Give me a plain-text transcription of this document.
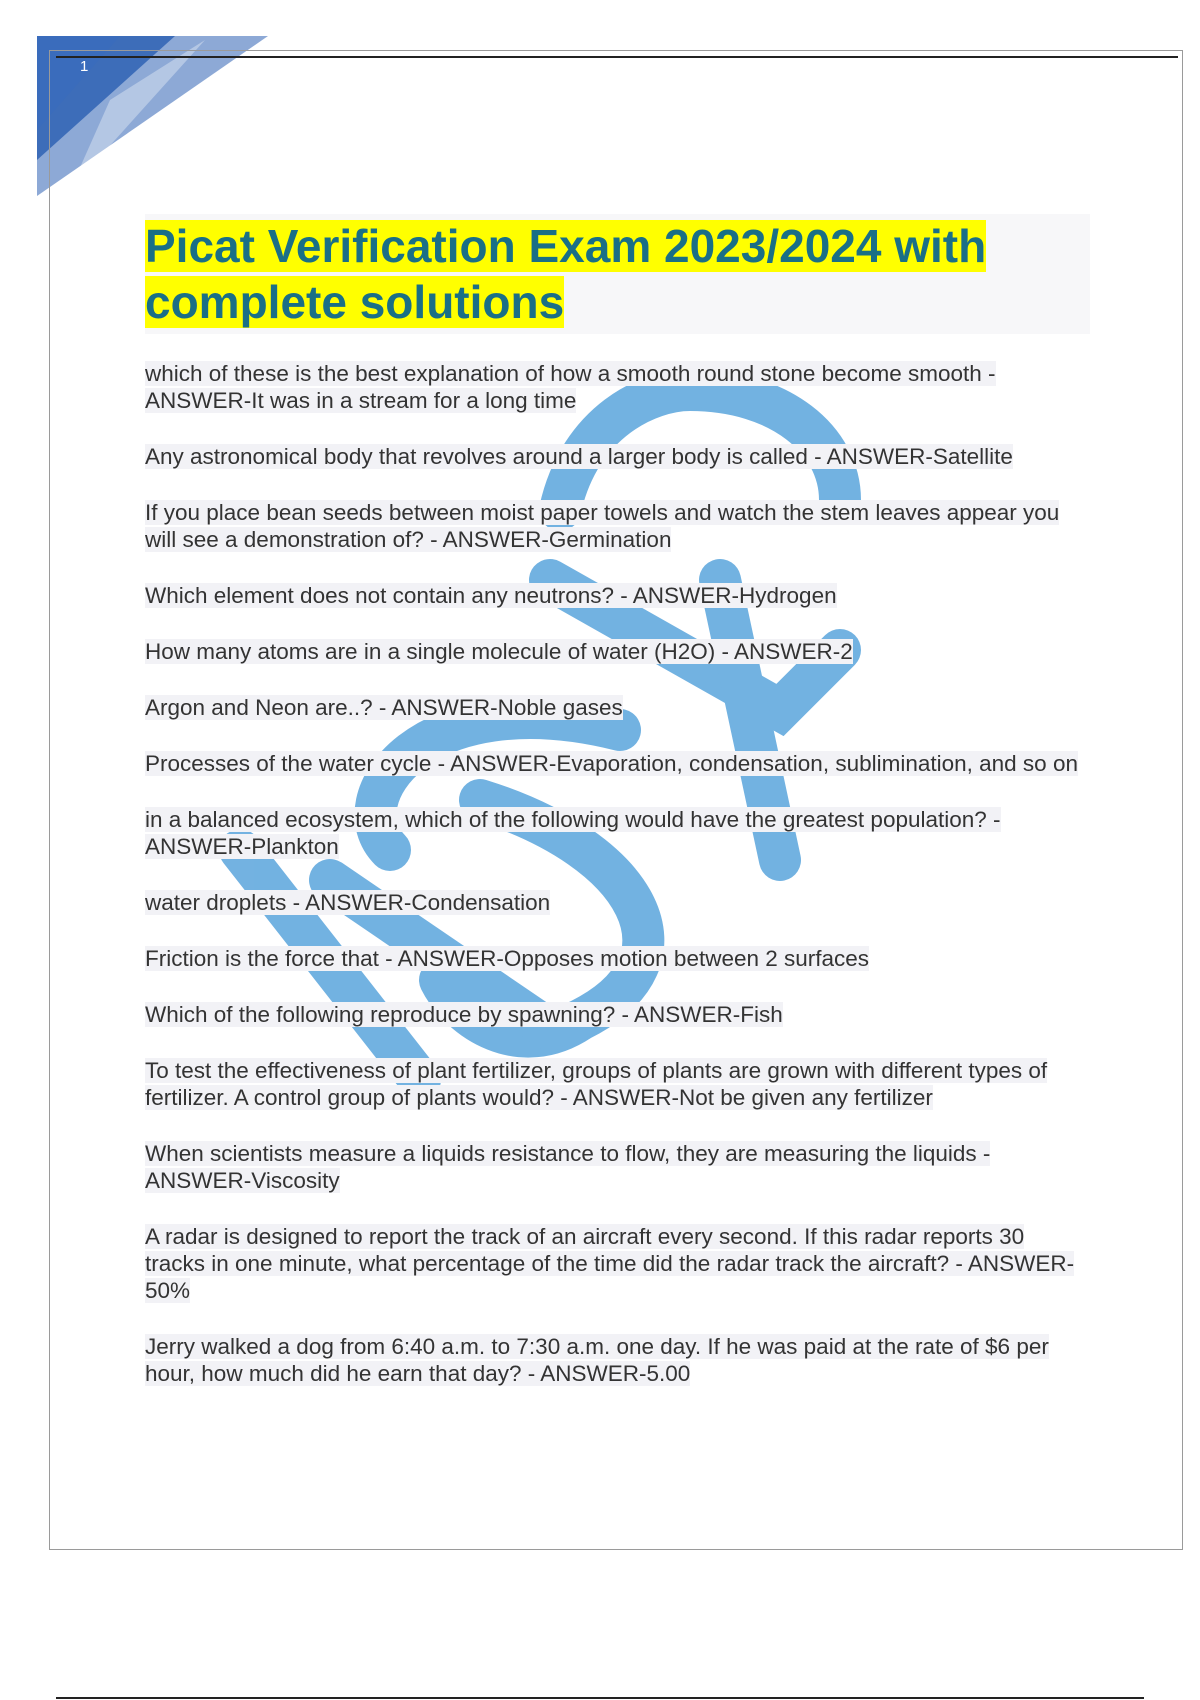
1
Picat Verification Exam 2023/2024 with complete solutions
which of these is the best explanation of how a smooth round stone become smooth - ANSWER-It was in a stream for a long time
Any astronomical body that revolves around a larger body is called - ANSWER-Satellite
If you place bean seeds between moist paper towels and watch the stem leaves appear you will see a demonstration of? - ANSWER-Germination
Which element does not contain any neutrons? - ANSWER-Hydrogen
How many atoms are in a single molecule of water (H2O) - ANSWER-2
Argon and Neon are..? - ANSWER-Noble gases
Processes of the water cycle - ANSWER-Evaporation, condensation, sublimination, and so on
in a balanced ecosystem, which of the following would have the greatest population? - ANSWER-Plankton
water droplets - ANSWER-Condensation
Friction is the force that - ANSWER-Opposes motion between 2 surfaces
Which of the following reproduce by spawning? - ANSWER-Fish
To test the effectiveness of plant fertilizer, groups of plants are grown with different types of fertilizer. A control group of plants would? - ANSWER-Not be given any fertilizer
When scientists measure a liquids resistance to flow, they are measuring the liquids - ANSWER-Viscosity
A radar is designed to report the track of an aircraft every second. If this radar reports 30 tracks in one minute, what percentage of the time did the radar track the aircraft? - ANSWER-50%
Jerry walked a dog from 6:40 a.m. to 7:30 a.m. one day. If he was paid at the rate of $6 per hour, how much did he earn that day? - ANSWER-5.00
